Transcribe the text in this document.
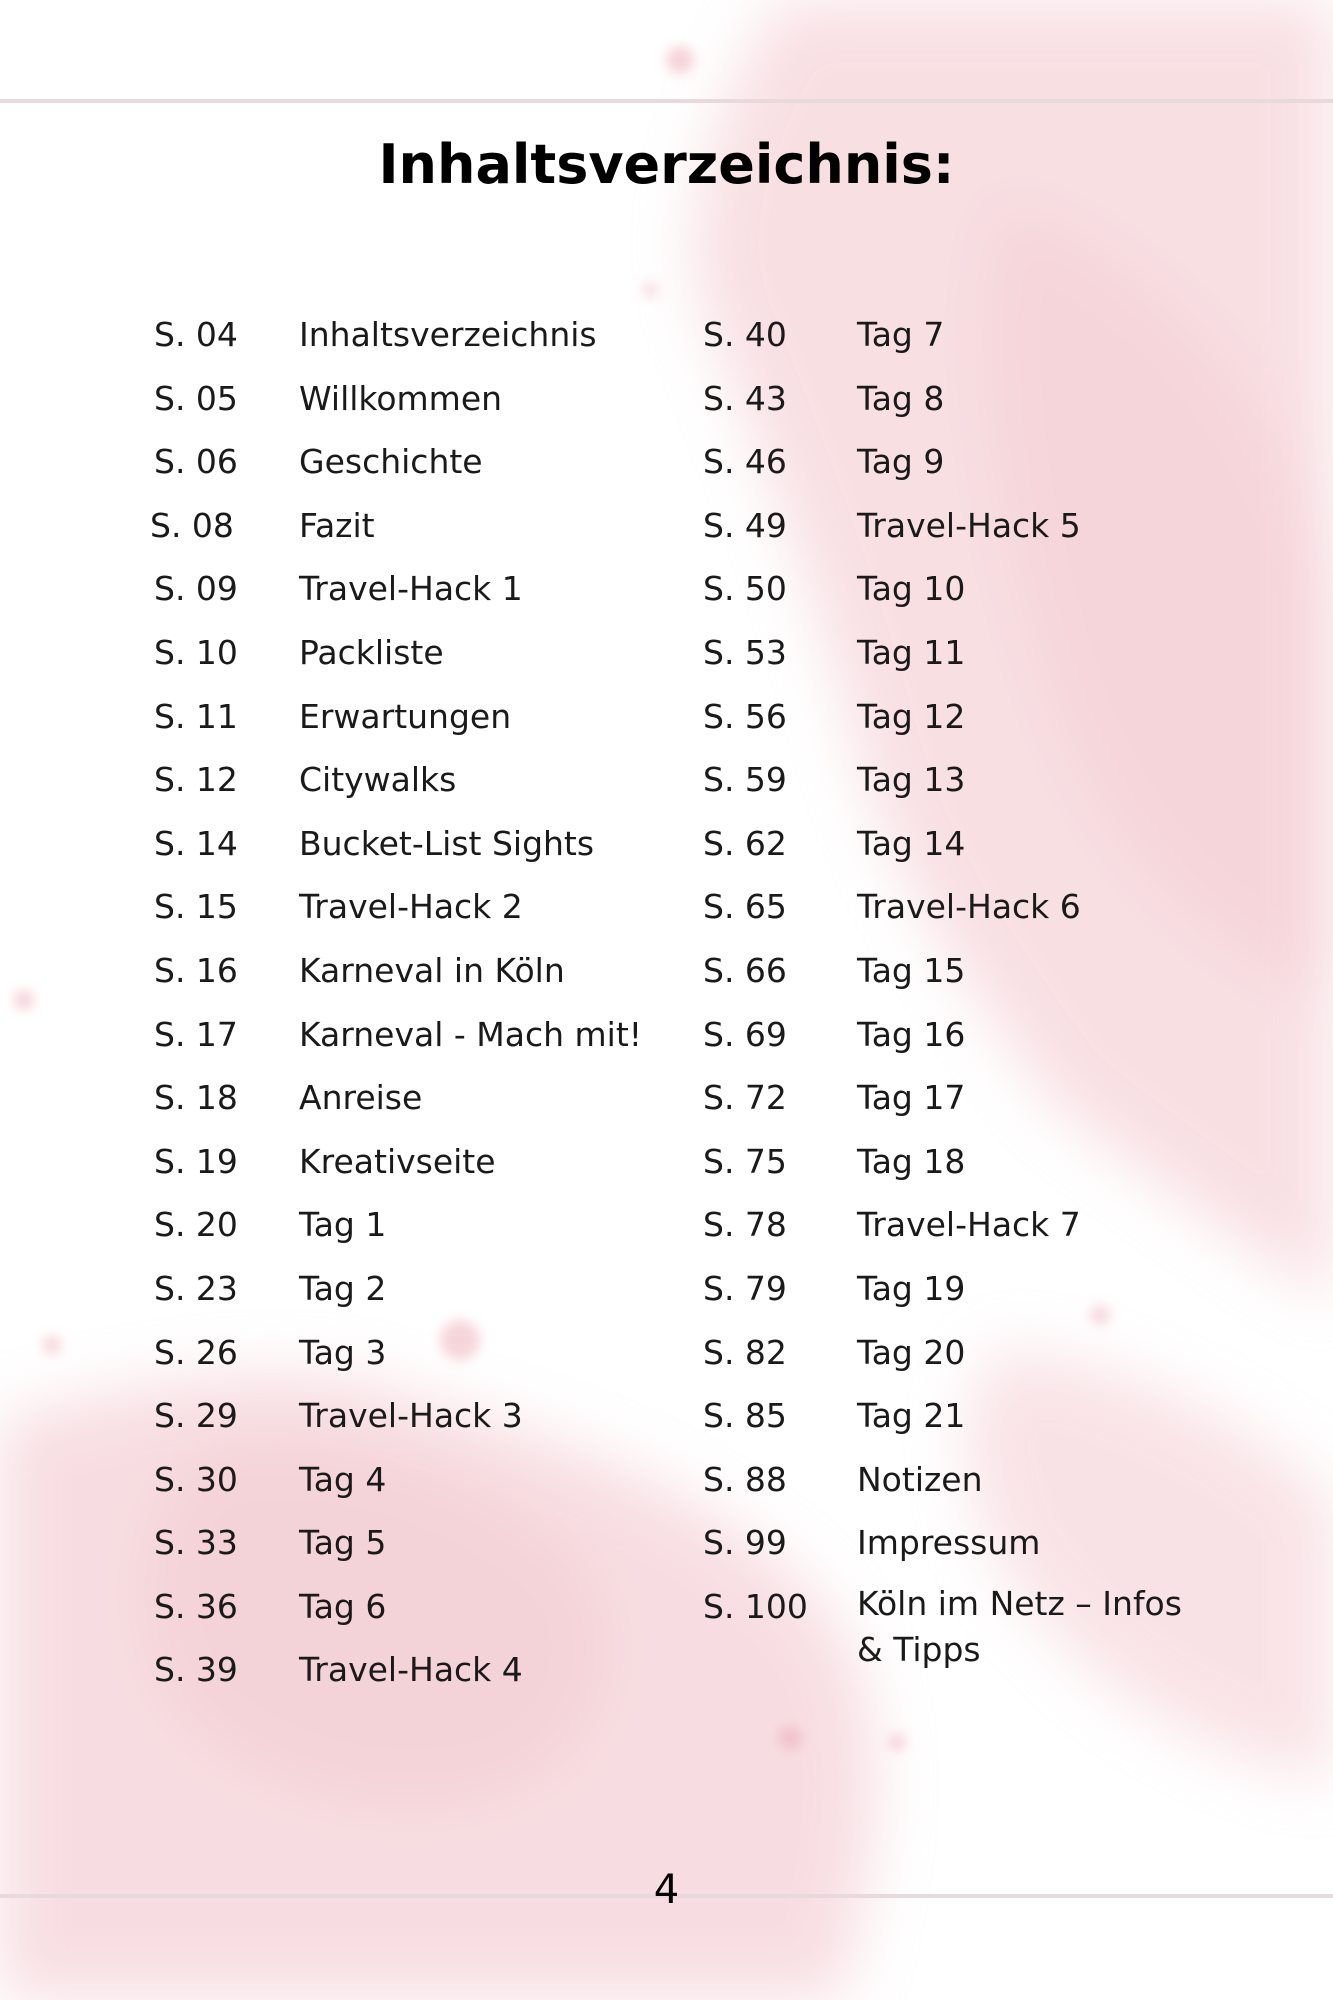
Inhaltsverzeichnis:
S. 04 Inhaltsverzeichnis
S. 05 Willkommen
S. 06 Geschichte
S. 08 Fazit
S. 09 Travel-Hack 1
S. 10 Packliste
S. 11 Erwartungen
S. 12 Citywalks
S. 14 Bucket-List Sights
S. 15 Travel-Hack 2
S. 16 Karneval in Köln
S. 17 Karneval - Mach mit!
S. 18 Anreise
S. 19 Kreativseite
S. 20 Tag 1
S. 23 Tag 2
S. 26 Tag 3
S. 29 Travel-Hack 3
S. 30 Tag 4
S. 33 Tag 5
S. 36 Tag 6
S. 39 Travel-Hack 4
S. 40 Tag 7
S. 43 Tag 8
S. 46 Tag 9
S. 49 Travel-Hack 5
S. 50 Tag 10
S. 53 Tag 11
S. 56 Tag 12
S. 59 Tag 13
S. 62 Tag 14
S. 65 Travel-Hack 6
S. 66 Tag 15
S. 69 Tag 16
S. 72 Tag 17
S. 75 Tag 18
S. 78 Travel-Hack 7
S. 79 Tag 19
S. 82 Tag 20
S. 85 Tag 21
S. 88 Notizen
S. 99 Impressum
S. 100 Köln im Netz – Infos & Tipps
4
